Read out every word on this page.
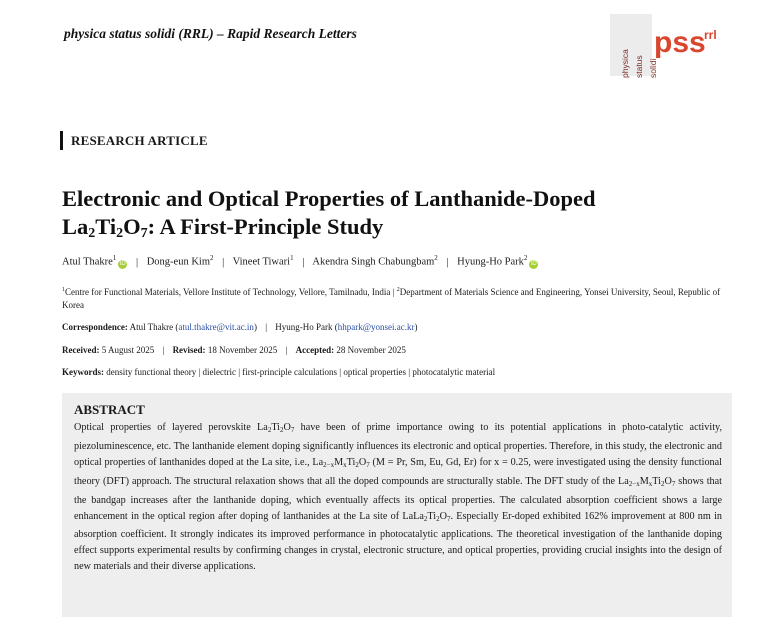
physica status solidi (RRL) – Rapid Research Letters
physica status solidi
pss
rrl
RESEARCH ARTICLE
Electronic and Optical Properties of Lanthanide-Doped
$La_2Ti_2O_7$: A First-Principle Study
Atul Thakre$^1$iD | Dong-eun Kim$^2$ | Vineet Tiwari$^1$ | Akendra Singh Chabungbam$^2$ | Hyung-Ho Park$^2$iD
$^1$Centre for Functional Materials, Vellore Institute of Technology, Vellore, Tamilnadu, India | $^2$Department of Materials Science and Engineering, Yonsei University, Seoul, Republic of Korea
Correspondence: Atul Thakre (atul.thakre@vit.ac.in) | Hyung-Ho Park (hhpark@yonsei.ac.kr)
Received: 5 August 2025 | Revised: 18 November 2025 | Accepted: 28 November 2025
Keywords: density functional theory | dielectric | first-principle calculations | optical properties | photocatalytic material
ABSTRACT
Optical properties of layered perovskite $La_2Ti_2O_7$ have been of prime importance owing to its potential applications in photo-catalytic activity, piezoluminescence, etc. The lanthanide element doping significantly influences its electronic and optical properties. Therefore, in this study, the electronic and optical properties of lanthanides doped at the La site, i.e., $La_{2-x}M_xTi_2O_7$ (M = Pr, Sm, Eu, Gd, Er) for x = 0.25, were investigated using the density functional theory (DFT) approach. The structural relaxation shows that all the doped compounds are structurally stable. The DFT study of the $La_{2-x}M_xTi_2O_7$ shows that the bandgap increases after the lanthanide doping, which eventually affects its optical properties. The calculated absorption coefficient shows a large enhancement in the optical region after doping of lanthanides at the La site of $LaLa_2Ti_2O_7$. Especially Er-doped exhibited 162% improvement at 800 nm in absorption coefficient. It strongly indicates its improved performance in photocatalytic applications. The theoretical investigation of the lanthanide doping effect supports experimental results by confirming changes in crystal, electronic structure, and optical properties, providing crucial insights into the design of new materials and their diverse applications.
